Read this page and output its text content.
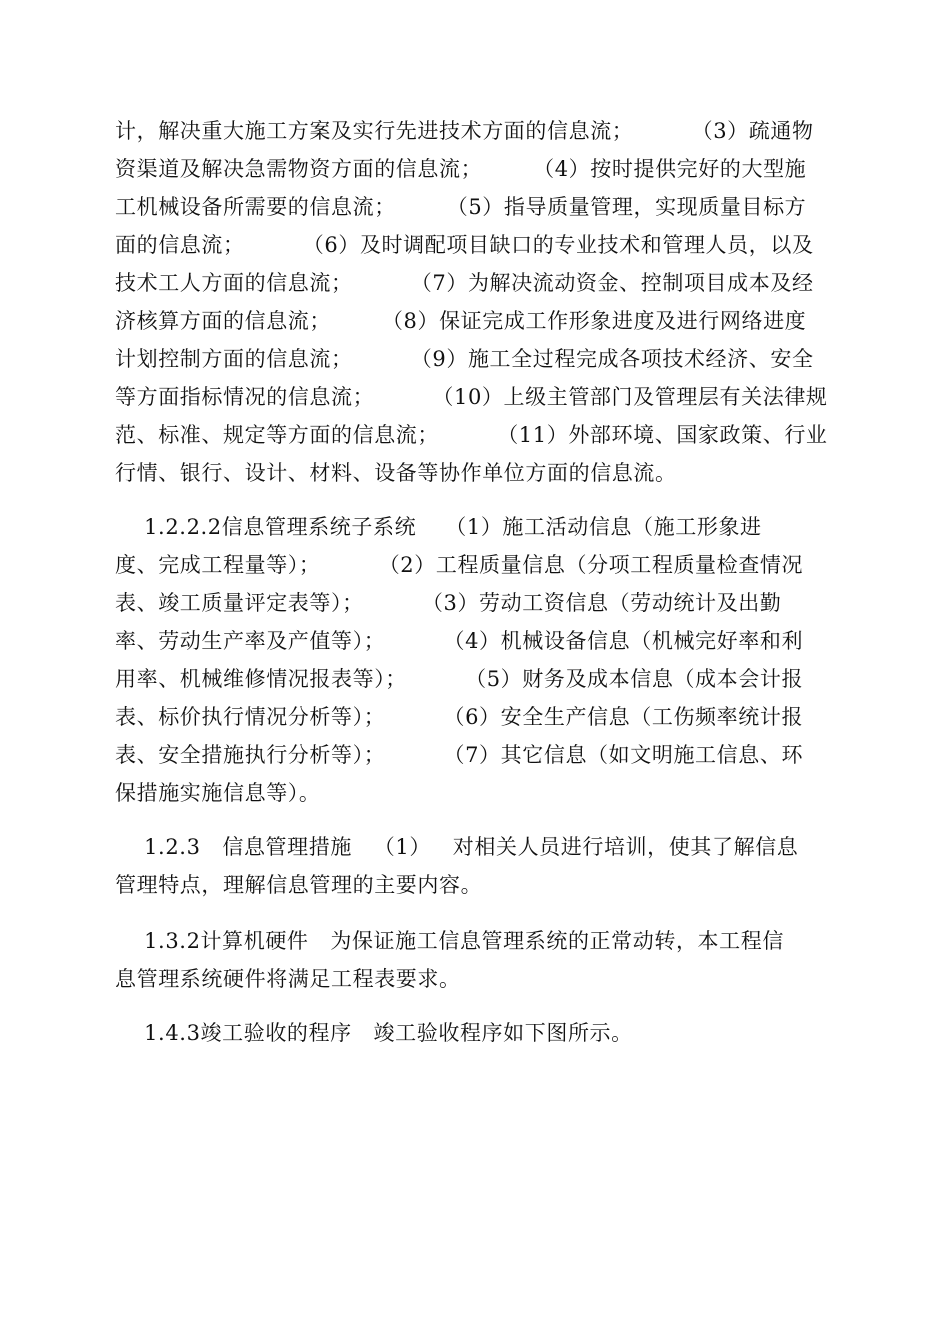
计，解决重大施工方案及实行先进技术方面的信息流；        （3）疏通物
资渠道及解决急需物资方面的信息流；       （4）按时提供完好的大型施
工机械设备所需要的信息流；       （5）指导质量管理，实现质量目标方
面的信息流；        （6）及时调配项目缺口的专业技术和管理人员，以及
技术工人方面的信息流；        （7）为解决流动资金、控制项目成本及经
济核算方面的信息流；       （8）保证完成工作形象进度及进行网络进度
计划控制方面的信息流；        （9）施工全过程完成各项技术经济、安全
等方面指标情况的信息流；        （10）上级主管部门及管理层有关法律规
范、标准、规定等方面的信息流；        （11）外部环境、国家政策、行业
行情、银行、设计、材料、设备等协作单位方面的信息流。
1.2.2.2信息管理系统子系统    （1）施工活动信息（施工形象进
度、完成工程量等）；        （2）工程质量信息（分项工程质量检查情况
表、竣工质量评定表等）；        （3）劳动工资信息（劳动统计及出勤
率、劳动生产率及产值等）；        （4）机械设备信息（机械完好率和利
用率、机械维修情况报表等）；        （5）财务及成本信息（成本会计报
表、标价执行情况分析等）；        （6）安全生产信息（工伤频率统计报
表、安全措施执行分析等）；        （7）其它信息（如文明施工信息、环
保措施实施信息等）。
1.2.3   信息管理措施   （1）   对相关人员进行培训，使其了解信息
管理特点，理解信息管理的主要内容。
1.3.2计算机硬件   为保证施工信息管理系统的正常动转，本工程信
息管理系统硬件将满足工程表要求。
1.4.3竣工验收的程序   竣工验收程序如下图所示。
